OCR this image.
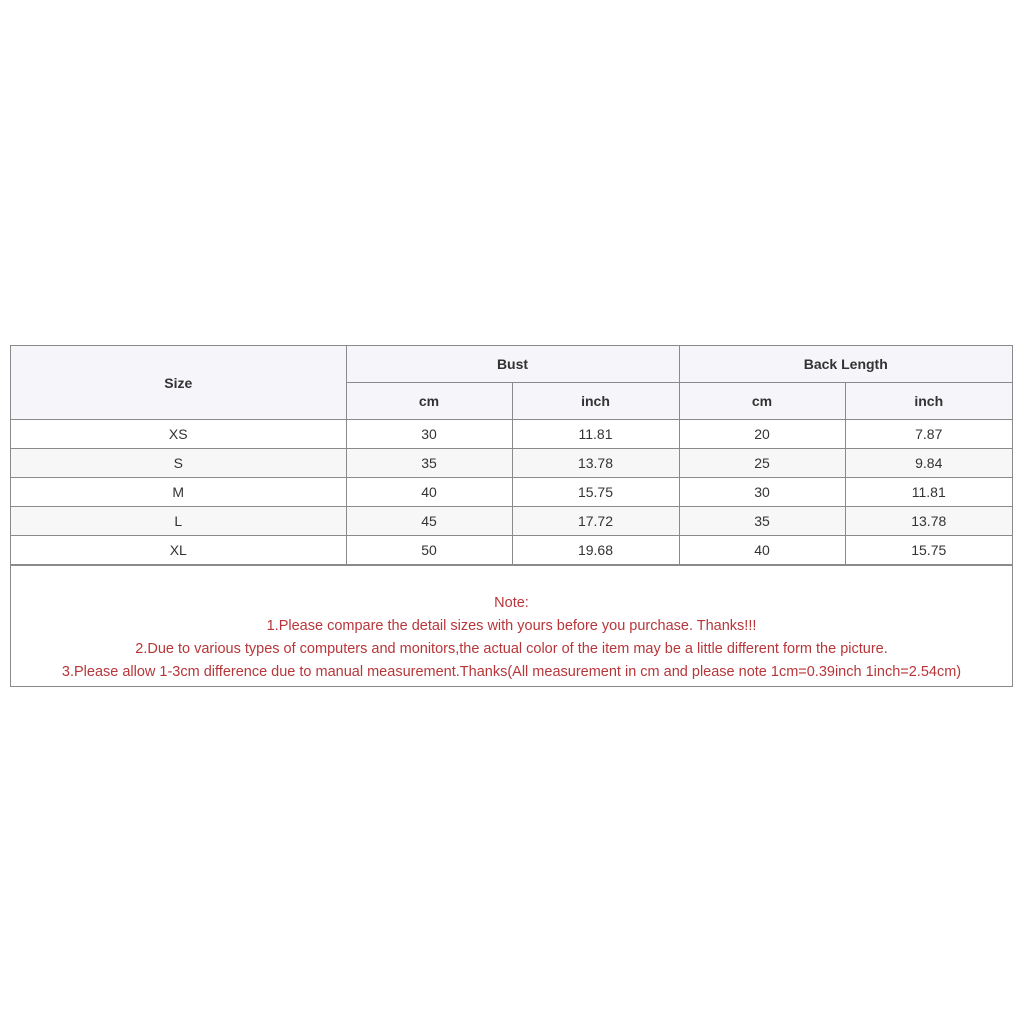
Size	Bust		Back Length	
	cm	inch	cm	inch
XS	30	11.81	20	7.87
S	35	13.78	25	9.84
M	40	15.75	30	11.81
L	45	17.72	35	13.78
XL	50	19.68	40	15.75
Note:
1.Please compare the detail sizes with yours before you purchase. Thanks!!!
2.Due to various types of computers and monitors,the actual color of the item may be a little different form the picture.
3.Please allow 1-3cm difference due to manual measurement.Thanks(All measurement in cm and please note 1cm=0.39inch 1inch=2.54cm)
